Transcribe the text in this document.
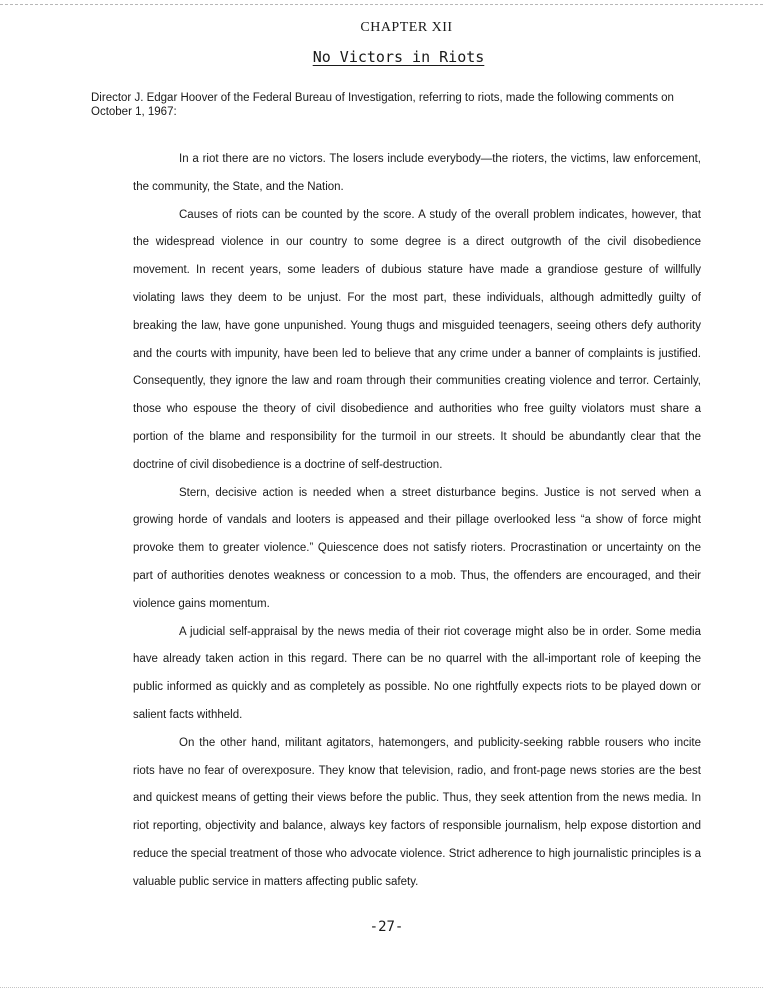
CHAPTER XII
No Victors in Riots

Director J. Edgar Hoover of the Federal Bureau of Investigation, referring to riots, made the following comments on October 1, 1967:

In a riot there are no victors. The losers include everybody—the rioters, the victims, law enforcement, the community, the State, and the Nation.

Causes of riots can be counted by the score. A study of the overall problem indicates, however, that the widespread violence in our country to some degree is a direct outgrowth of the civil disobedience movement. In recent years, some leaders of dubious stature have made a grandiose gesture of willfully violating laws they deem to be unjust. For the most part, these individuals, although admittedly guilty of breaking the law, have gone unpunished. Young thugs and misguided teenagers, seeing others defy authority and the courts with impunity, have been led to believe that any crime under a banner of complaints is justified. Consequently, they ignore the law and roam through their communities creating violence and terror. Certainly, those who espouse the theory of civil disobedience and authorities who free guilty violators must share a portion of the blame and responsibility for the turmoil in our streets. It should be abundantly clear that the doctrine of civil disobedience is a doctrine of self-destruction.

Stern, decisive action is needed when a street disturbance begins. Justice is not served when a growing horde of vandals and looters is appeased and their pillage overlooked less “a show of force might provoke them to greater violence.” Quiescence does not satisfy rioters. Procrastination or uncertainty on the part of authorities denotes weakness or concession to a mob. Thus, the offenders are encouraged, and their violence gains momentum.

A judicial self-appraisal by the news media of their riot coverage might also be in order. Some media have already taken action in this regard. There can be no quarrel with the all-important role of keeping the public informed as quickly and as completely as possible. No one rightfully expects riots to be played down or salient facts withheld.

On the other hand, militant agitators, hatemongers, and publicity-seeking rabble rousers who incite riots have no fear of overexposure. They know that television, radio, and front-page news stories are the best and quickest means of getting their views before the public. Thus, they seek attention from the news media. In riot reporting, objectivity and balance, always key factors of responsible journalism, help expose distortion and reduce the special treatment of those who advocate violence. Strict adherence to high journalistic principles is a valuable public service in matters affecting public safety.

-27-
